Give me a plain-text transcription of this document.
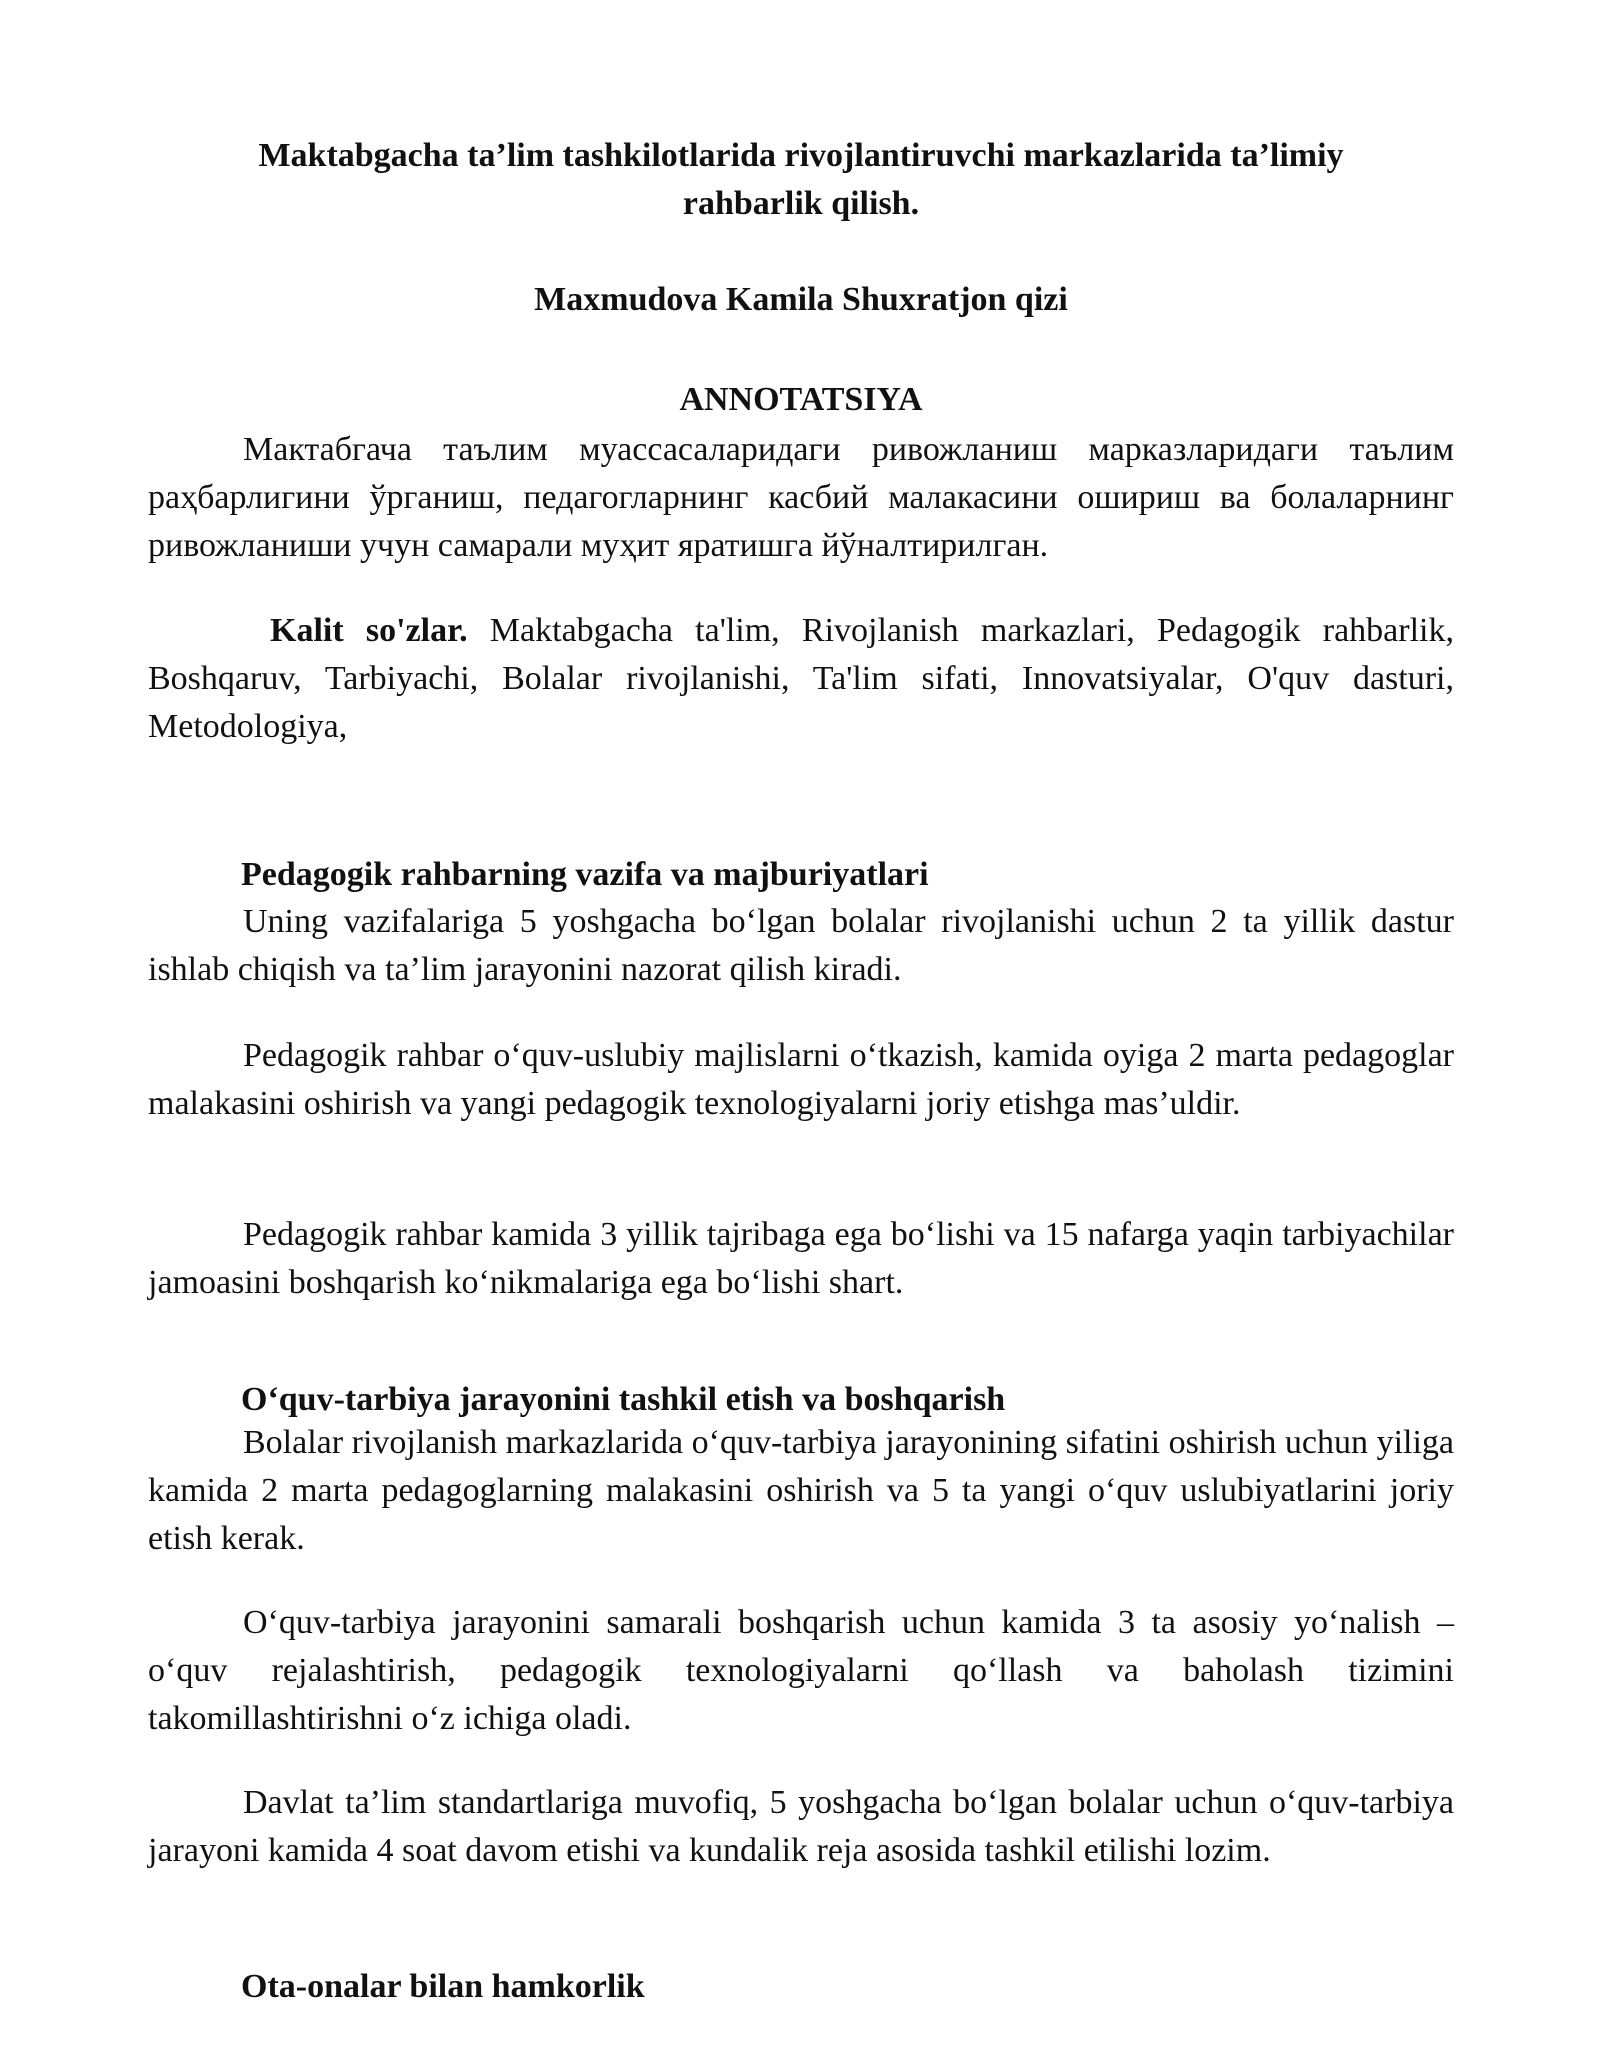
Maktabgacha ta’lim tashkilotlarida rivojlantiruvchi markazlarida ta’limiy
rahbarlik qilish.
Maxmudova Kamila Shuxratjon qizi
ANNOTATSIYA

Мактабгача таълим муассасаларидаги ривожланиш марказларидаги таълим раҳбарлигини ўрганиш, педагогларнинг касбий малакасини ошириш ва болаларнинг ривожланиши учун самарали муҳит яратишга йўналтирилган.

Kalit so'zlar. Maktabgacha ta'lim, Rivojlanish markazlari, Pedagogik rahbarlik, Boshqaruv, Tarbiyachi, Bolalar rivojlanishi, Ta'lim sifati, Innovatsiyalar, O'quv dasturi, Metodologiya,

Pedagogik rahbarning vazifa va majburiyatlari

Uning vazifalariga 5 yoshgacha bo‘lgan bolalar rivojlanishi uchun 2 ta yillik dastur ishlab chiqish va ta’lim jarayonini nazorat qilish kiradi.

Pedagogik rahbar o‘quv-uslubiy majlislarni o‘tkazish, kamida oyiga 2 marta pedagoglar malakasini oshirish va yangi pedagogik texnologiyalarni joriy etishga mas’uldir.

Pedagogik rahbar kamida 3 yillik tajribaga ega bo‘lishi va 15 nafarga yaqin tarbiyachilar jamoasini boshqarish ko‘nikmalariga ega bo‘lishi shart.

O‘quv-tarbiya jarayonini tashkil etish va boshqarish

Bolalar rivojlanish markazlarida o‘quv-tarbiya jarayonining sifatini oshirish uchun yiliga kamida 2 marta pedagoglarning malakasini oshirish va 5 ta yangi o‘quv uslubiyatlarini joriy etish kerak.

O‘quv-tarbiya jarayonini samarali boshqarish uchun kamida 3 ta asosiy yo‘nalish – o‘quv rejalashtirish, pedagogik texnologiyalarni qo‘llash va baholash tizimini takomillashtirishni o‘z ichiga oladi.

Davlat ta’lim standartlariga muvofiq, 5 yoshgacha bo‘lgan bolalar uchun o‘quv-tarbiya jarayoni kamida 4 soat davom etishi va kundalik reja asosida tashkil etilishi lozim.

Ota-onalar bilan hamkorlik
